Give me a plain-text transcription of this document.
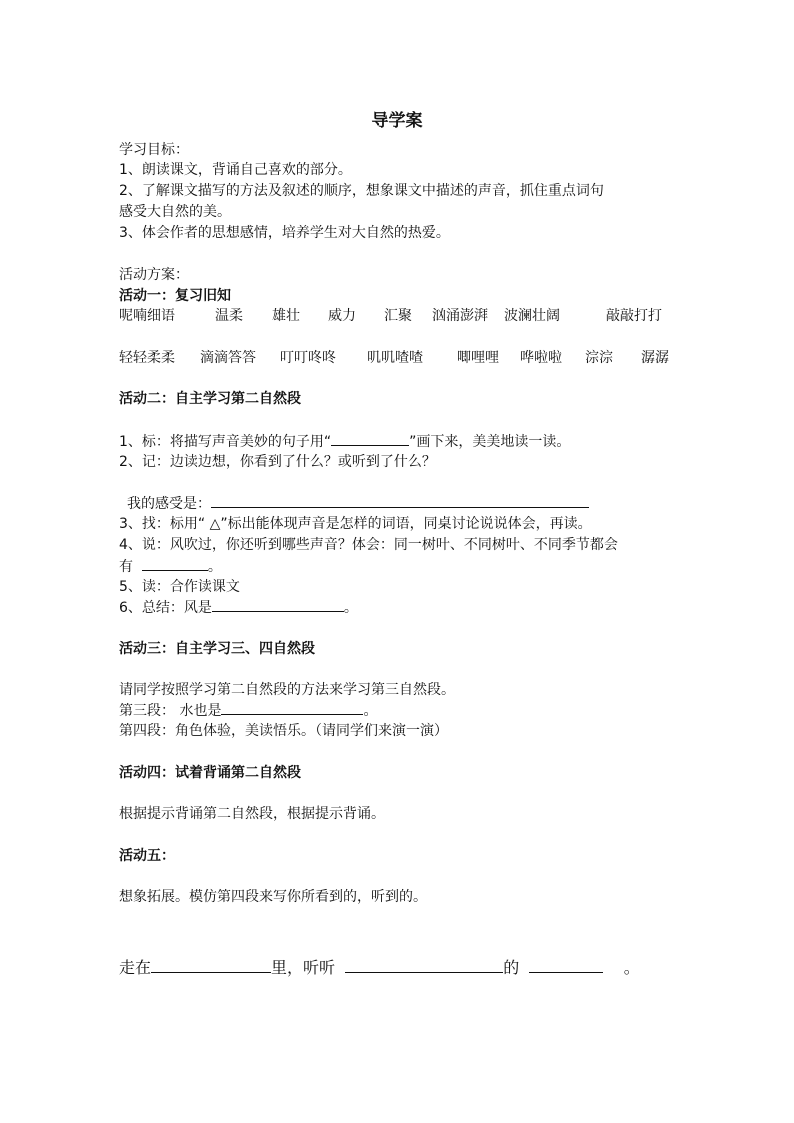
导学案
学习目标：
1、朗读课文，背诵自己喜欢的部分。
2、了解课文描写的方法及叙述的顺序，想象课文中描述的声音，抓住重点词句
感受大自然的美。
3、体会作者的思想感情，培养学生对大自然的热爱。
活动方案：
活动一：复习旧知
呢喃细语	温柔 雄壮 威力 汇聚 汹涌澎湃 波澜壮阔	敲敲打打
轻轻柔柔 滴滴答答 叮叮咚咚 叽叽喳喳 唧哩哩 哗啦啦 淙淙 潺潺
活动二：自主学习第二自然段
1、标：将描写声音美妙的句子用“	”画下来，美美地读一读。
2、记：边读边想，你看到了什么？或听到了什么？
我的感受是：
3、找：标用“ △”标出能体现声音是怎样的词语，同桌讨论说说体会，再读。
4、说：风吹过，你还听到哪些声音？体会：同一树叶、不同树叶、不同季节都会
有	。
5、读：合作读课文
6、总结：风是	。
活动三：自主学习三、四自然段
请同学按照学习第二自然段的方法来学习第三自然段。
第三段： 水也是	。
第四段：角色体验，美读悟乐。（请同学们来演一演）
活动四：试着背诵第二自然段
根据提示背诵第二自然段，根据提示背诵。
活动五：
想象拓展。模仿第四段来写你所看到的，听到的。
走在	里，听听	的	。
